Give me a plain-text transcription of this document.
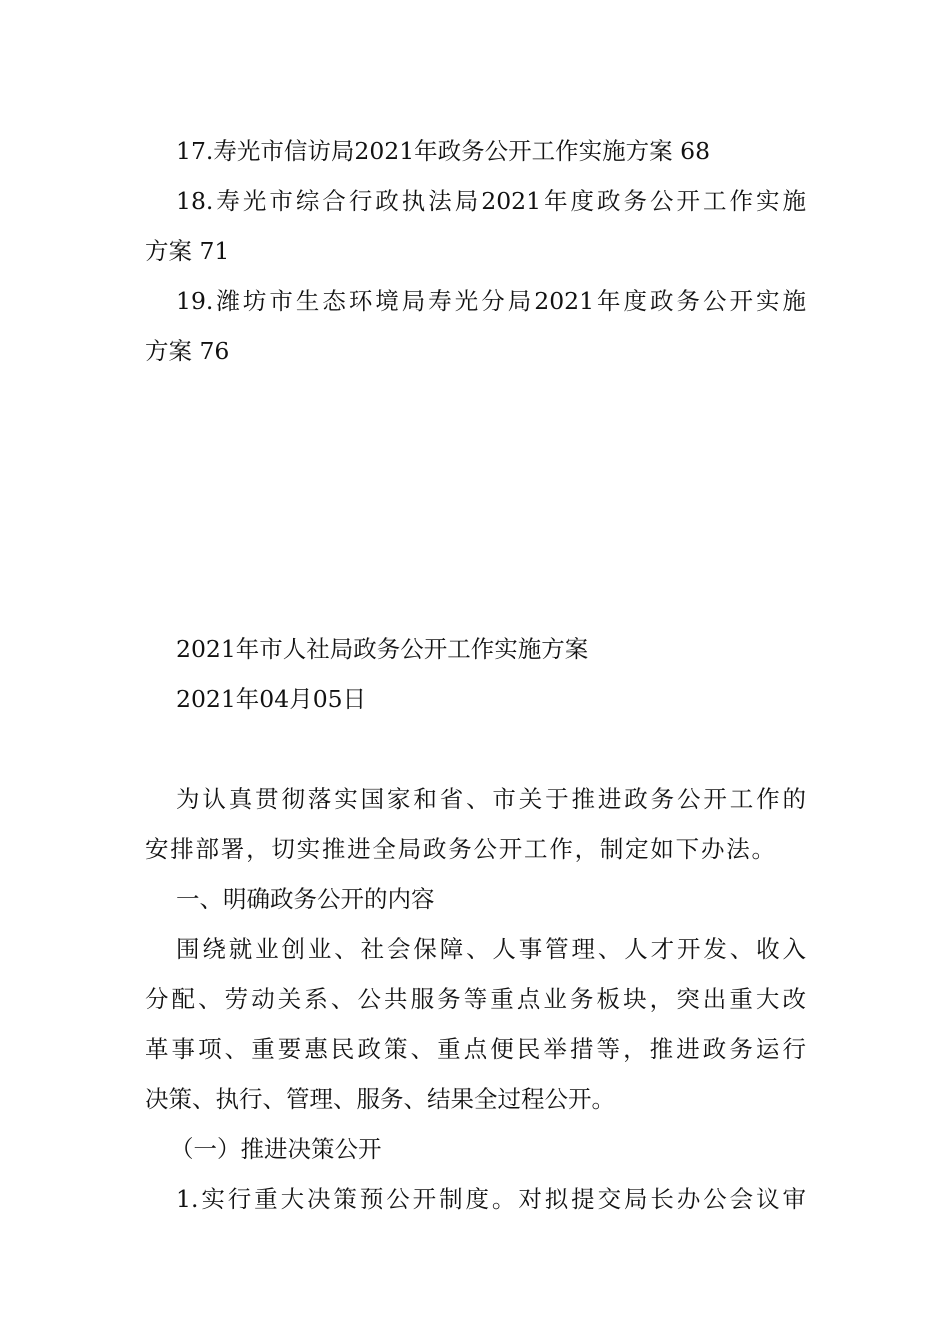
17.寿光市信访局2021年政务公开工作实施方案 68
18.寿光市综合行政执法局2021年度政务公开工作实施
方案 71
19.潍坊市生态环境局寿光分局2021年度政务公开实施
方案 76
2021年市人社局政务公开工作实施方案
2021年04月05日
为认真贯彻落实国家和省、市关于推进政务公开工作的
安排部署，切实推进全局政务公开工作，制定如下办法。
一、明确政务公开的内容
围绕就业创业、社会保障、人事管理、人才开发、收入
分配、劳动关系、公共服务等重点业务板块，突出重大改
革事项、重要惠民政策、重点便民举措等，推进政务运行
决策、执行、管理、服务、结果全过程公开。
（一）推进决策公开
1.实行重大决策预公开制度。对拟提交局长办公会议审
